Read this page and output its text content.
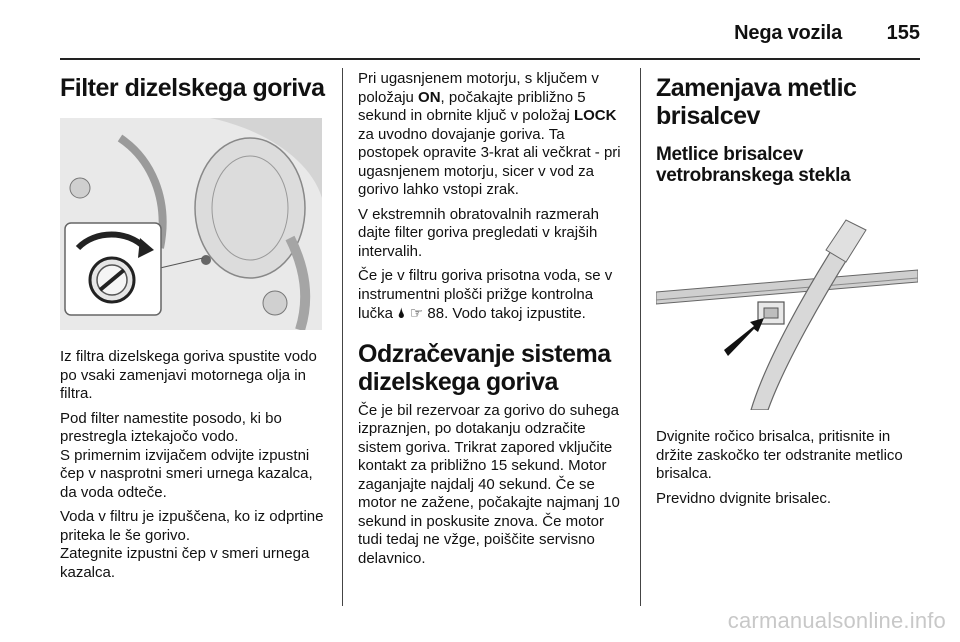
Nega vozila 155
Filter dizelskega goriva

Iz filtra dizelskega goriva spustite vodo po vsaki zamenjavi motornega olja in filtra.

Pod filter namestite posodo, ki bo prestregla iztekajočo vodo.
S primernim izvijačem odvijte izpustni čep v nasprotni smeri urnega kazalca, da voda odteče.

Voda v filtru je izpuščena, ko iz odprtine priteka le še gorivo.
Zategnite izpustni čep v smeri urnega kazalca.

Pri ugasnjenem motorju, s ključem v položaju ON, počakajte približno 5 sekund in obrnite ključ v položaj LOCK za uvodno dovajanje goriva. Ta postopek opravite 3-krat ali večkrat - pri ugasnjenem motorju, sicer v vod za gorivo lahko vstopi zrak.

V ekstremnih obratovalnih razmerah dajte filter goriva pregledati v krajših intervalih.

Če je v filtru goriva prisotna voda, se v instrumentni plošči prižge kontrolna lučka 🌢 ☞ 88. Vodo takoj izpustite.

Odzračevanje sistema dizelskega goriva

Če je bil rezervoar za gorivo do suhega izpraznjen, po dotakanju odzračite sistem goriva. Trikrat zapored vključite kontakt za približno 15 sekund. Motor zaganjajte najdalj 40 sekund. Če se motor ne zažene, počakajte najmanj 10 sekund in poskusite znova. Če motor tudi tedaj ne vžge, poiščite servisno delavnico.

Zamenjava metlic brisalcev
Metlice brisalcev vetrobranskega stekla

Dvignite ročico brisalca, pritisnite in držite zaskočko ter odstranite metlico brisalca.

Previdno dvignite brisalec.

carmanualsonline.info
